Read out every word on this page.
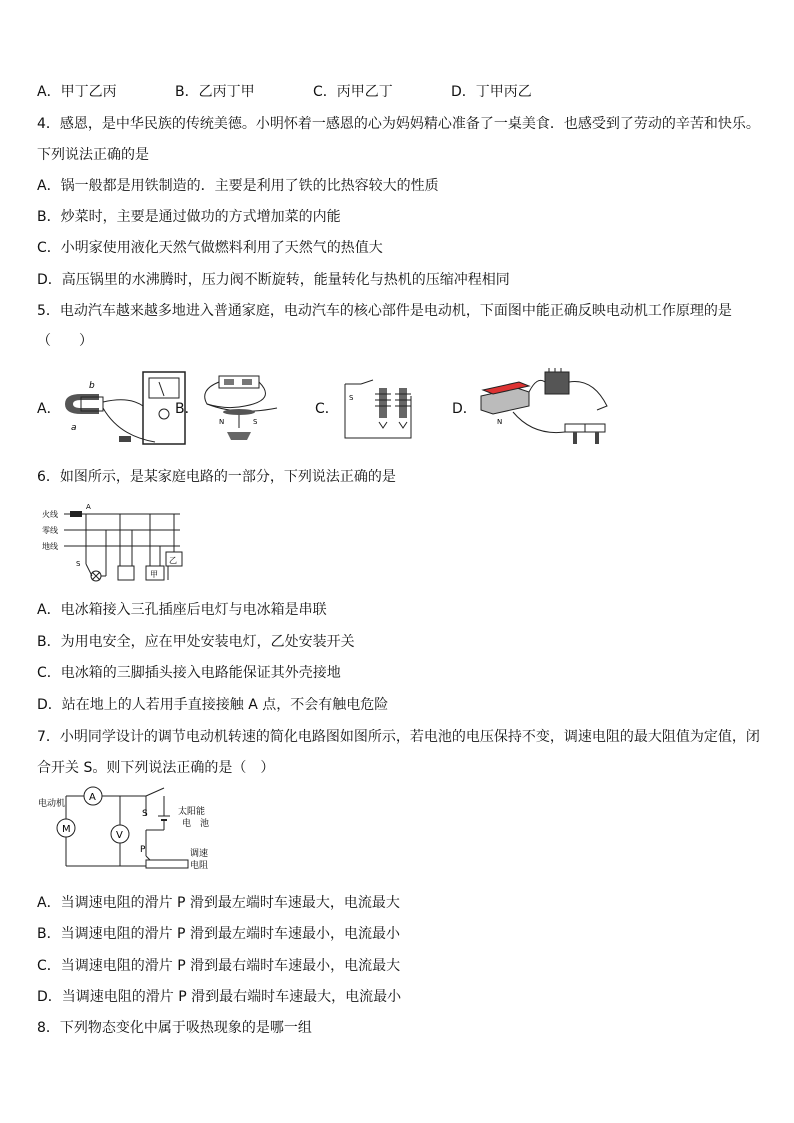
A．甲丁乙丙	B．乙丙丁甲	C．丙甲乙丁	D．丁甲丙乙
4．感恩，是中华民族的传统美德。小明怀着一感恩的心为妈妈精心准备了一桌美食．也感受到了劳动的辛苦和快乐。
下列说法正确的是
A．锅一般都是用铁制造的．主要是利用了铁的比热容较大的性质
B．炒菜时，主要是通过做功的方式增加菜的内能
C．小明家使用液化天然气做燃料利用了天然气的热值大
D．高压锅里的水沸腾时，压力阀不断旋转，能量转化与热机的压缩冲程相同
5．电动汽车越来越多地进入普通家庭，电动汽车的核心部件是电动机，下面图中能正确反映电动机工作原理的是
（　　）
A．
b
a
B．
N	S
C．
S
D．
N
6．如图所示，是某家庭电路的一部分，下列说法正确的是
火线
零线
地线
A
S
甲
乙
A．电冰箱接入三孔插座后电灯与电冰箱是串联
B．为用电安全，应在甲处安装电灯，乙处安装开关
C．电冰箱的三脚插头接入电路能保证其外壳接地
D．站在地上的人若用手直接接触 A 点，不会有触电危险
7．小明同学设计的调节电动机转速的简化电路图如图所示，若电池的电压保持不变，调速电阻的最大阻值为定值，闭
合开关 S。则下列说法正确的是（　）
电动机
M
A
V
S	太阳能
电　池
P	调速
电阻
A．当调速电阻的滑片 P 滑到最左端时车速最大，电流最大
B．当调速电阻的滑片 P 滑到最左端时车速最小，电流最小
C．当调速电阻的滑片 P 滑到最右端时车速最小，电流最大
D．当调速电阻的滑片 P 滑到最右端时车速最大，电流最小
8．下列物态变化中属于吸热现象的是哪一组
